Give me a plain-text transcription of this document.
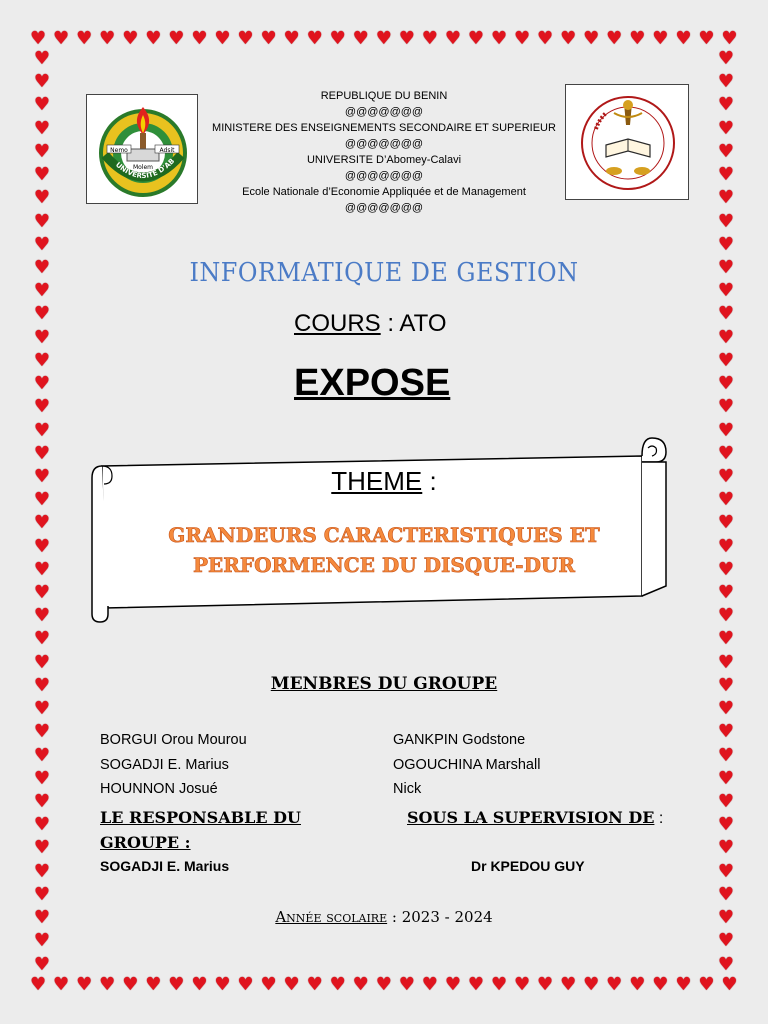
♥ ♥ ♥ ♥ ♥ ♥ ♥ ♥ ♥ ♥ ♥ ♥ ♥ ♥ ♥ ♥ ♥ ♥ ♥ ♥ ♥ ♥ ♥ ♥ ♥ ♥ ♥ ♥ ♥ ♥ ♥
♥ ♥ ♥ ♥ ♥ ♥ ♥ ♥ ♥ ♥ ♥ ♥ ♥ ♥ ♥ ♥ ♥ ♥ ♥ ♥ ♥ ♥ ♥ ♥ ♥ ♥ ♥ ♥ ♥ ♥ ♥
♥
♥
♥
♥
♥
♥
♥
♥
♥
♥
♥
♥
♥
♥
♥
♥
♥
♥
♥
♥
♥
♥
♥
♥
♥
♥
♥
♥
♥
♥
♥
♥
♥
♥
♥
♥
♥
♥
♥
♥
♥
♥
♥
♥
♥
♥
♥
♥
♥
♥
♥
♥
♥
♥
♥
♥
♥
♥
♥
♥
♥
♥
♥
♥
♥
♥
♥
♥
♥
♥
♥
♥
♥
♥
♥
♥
♥
♥
♥
♥
Nemo	Adsit
Molem
UNIVERSITE D'AB
REPUBLIQUE DU BENIN
@@@@@@@
MINISTERE DES ENSEIGNEMENTS SECONDAIRE ET SUPERIEUR
@@@@@@@
UNIVERSITE D’Abomey-Calavi
@@@@@@@
Ecole Nationale d’Economie Appliquée et de Management
@@@@@@@
INFORMATIQUE DE GESTION
COURS : ATO
EXPOSE
THEME :
GRANDEURS CARACTERISTIQUES ET
PERFORMENCE DU DISQUE-DUR
MENBRES DU GROUPE
BORGUI Orou Mourou
SOGADJI E. Marius
HOUNNON Josué
GANKPIN Godstone
OGOUCHINA Marshall
Nick
LE RESPONSABLE DU
GROUPE :
SOGADJI E. Marius
SOUS LA SUPERVISION DE :
Dr KPEDOU GUY
Année scolaire : 2023 - 2024
